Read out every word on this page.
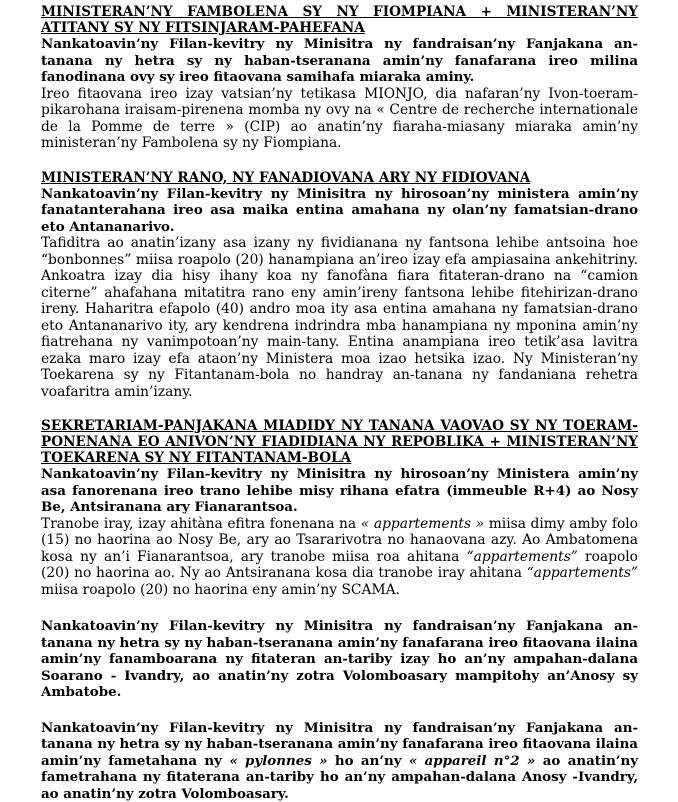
MINISTERAN’NY FAMBOLENA SY NY FIOMPIANA + MINISTERAN’NY ATITANY SY NY FITSINJARAM-PAHEFANA

Nankatoavin’ny Filan-kevitry ny Minisitra ny fandraisan’ny Fanjakana an-tanana ny hetra sy ny haban-tseranana amin’ny fanafarana ireo milina fanodinana ovy sy ireo fitaovana samihafa miaraka aminy.

Ireo fitaovana ireo izay vatsian’ny tetikasa MIONJO, dia nafaran’ny Ivon-toeram-pikarohana iraisam-pirenena momba ny ovy na « Centre de recherche internationale de la Pomme de terre » (CIP) ao anatin’ny fiaraha-miasany miaraka amin’ny ministeran’ny Fambolena sy ny Fiompiana.

MINISTERAN’NY RANO, NY FANADIOVANA ARY NY FIDIOVANA

Nankatoavin’ny Filan-kevitry ny Minisitra ny hirosoan’ny ministera amin’ny fanatanterahana ireo asa maika entina amahana ny olan’ny famatsian-drano eto Antananarivo.

Tafiditra ao anatin’izany asa izany ny fividianana ny fantsona lehibe antsoina hoe “bonbonnes” miisa roapolo (20) hanampiana an’ireo izay efa ampiasaina ankehitriny. Ankoatra izay dia hisy ihany koa ny fanofàna fiara fitateran-drano na “camion citerne” ahafahana mitatitra rano eny amin’ireny fantsona lehibe fitehirizan-drano ireny. Haharitra efapolo (40) andro moa ity asa entina amahana ny famatsian-drano eto Antananarivo ity, ary kendrena indrindra mba hanampiana ny mponina amin’ny fiatrehana ny vanimpotoan’ny main-tany. Entina anampiana ireo tetik’asa lavitra ezaka maro izay efa ataon’ny Ministera moa izao hetsika izao. Ny Ministeran’ny Toekarena sy ny Fitantanam-bola no handray an-tanana ny fandaniana rehetra voafaritra amin’izany.

SEKRETARIAM-PANJAKANA MIADIDY NY TANANA VAOVAO SY NY TOERAM-PONENANA EO ANIVON’NY FIADIDIANA NY REPOBLIKA + MINISTERAN’NY TOEKARENA SY NY FITANTANAM-BOLA

Nankatoavin’ny Filan-kevitry ny Minisitra ny hirosoan’ny Ministera amin’ny asa fanorenana ireo trano lehibe misy rihana efatra (immeuble R+4) ao Nosy Be, Antsiranana ary Fianarantsoa.

Tranobe iray, izay ahitàna efitra fonenana na « appartements » miisa dimy amby folo (15) no haorina ao Nosy Be, ary ao Tsararivotra no hanaovana azy. Ao Ambatomena kosa ny an’i Fianarantsoa, ary tranobe miisa roa ahitana “appartements” roapolo (20) no haorina ao. Ny ao Antsiranana kosa dia tranobe iray ahitana “appartements” miisa roapolo (20) no haorina eny amin’ny SCAMA.

Nankatoavin’ny Filan-kevitry ny Minisitra ny fandraisan’ny Fanjakana an-tanana ny hetra sy ny haban-tseranana amin’ny fanafarana ireo fitaovana ilaina amin’ny fanamboarana ny fitateran an-tariby izay ho an’ny ampahan-dalana Soarano - Ivandry, ao anatin’ny zotra Volomboasary mampitohy an’Anosy sy Ambatobe.

Nankatoavin’ny Filan-kevitry ny Minisitra ny fandraisan’ny Fanjakana an-tanana ny hetra sy ny haban-tseranana amin’ny fanafarana ireo fitaovana ilaina amin’ny fametahana ny « pylonnes » ho an’ny « appareil n°2 » ao anatin’ny fametrahana ny fitaterana an-tariby ho an’ny ampahan-dalana Anosy -Ivandry, ao anatin’ny zotra Volomboasary.
